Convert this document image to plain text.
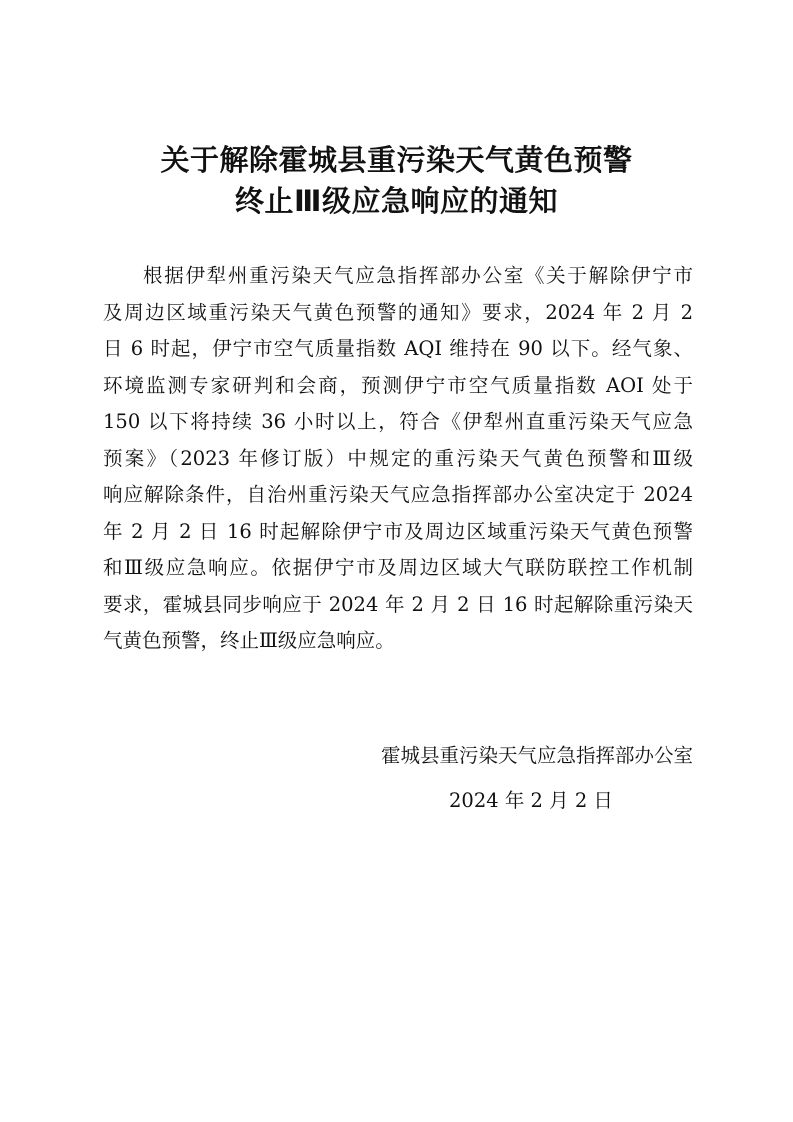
关于解除霍城县重污染天气黄色预警
终止Ⅲ级应急响应的通知
根据伊犁州重污染天气应急指挥部办公室《关于解除伊宁市
及周边区域重污染天气黄色预警的通知》要求，2024 年 2 月 2
日 6 时起，伊宁市空气质量指数 AQI 维持在 90 以下。经气象、
环境监测专家研判和会商，预测伊宁市空气质量指数 AOI 处于
150 以下将持续 36 小时以上，符合《伊犁州直重污染天气应急
预案》（2023 年修订版）中规定的重污染天气黄色预警和Ⅲ级
响应解除条件，自治州重污染天气应急指挥部办公室决定于 2024
年 2 月 2 日 16 时起解除伊宁市及周边区域重污染天气黄色预警
和Ⅲ级应急响应。依据伊宁市及周边区域大气联防联控工作机制
要求，霍城县同步响应于 2024 年 2 月 2 日 16 时起解除重污染天
气黄色预警，终止Ⅲ级应急响应。
霍城县重污染天气应急指挥部办公室
2024 年 2 月 2 日
